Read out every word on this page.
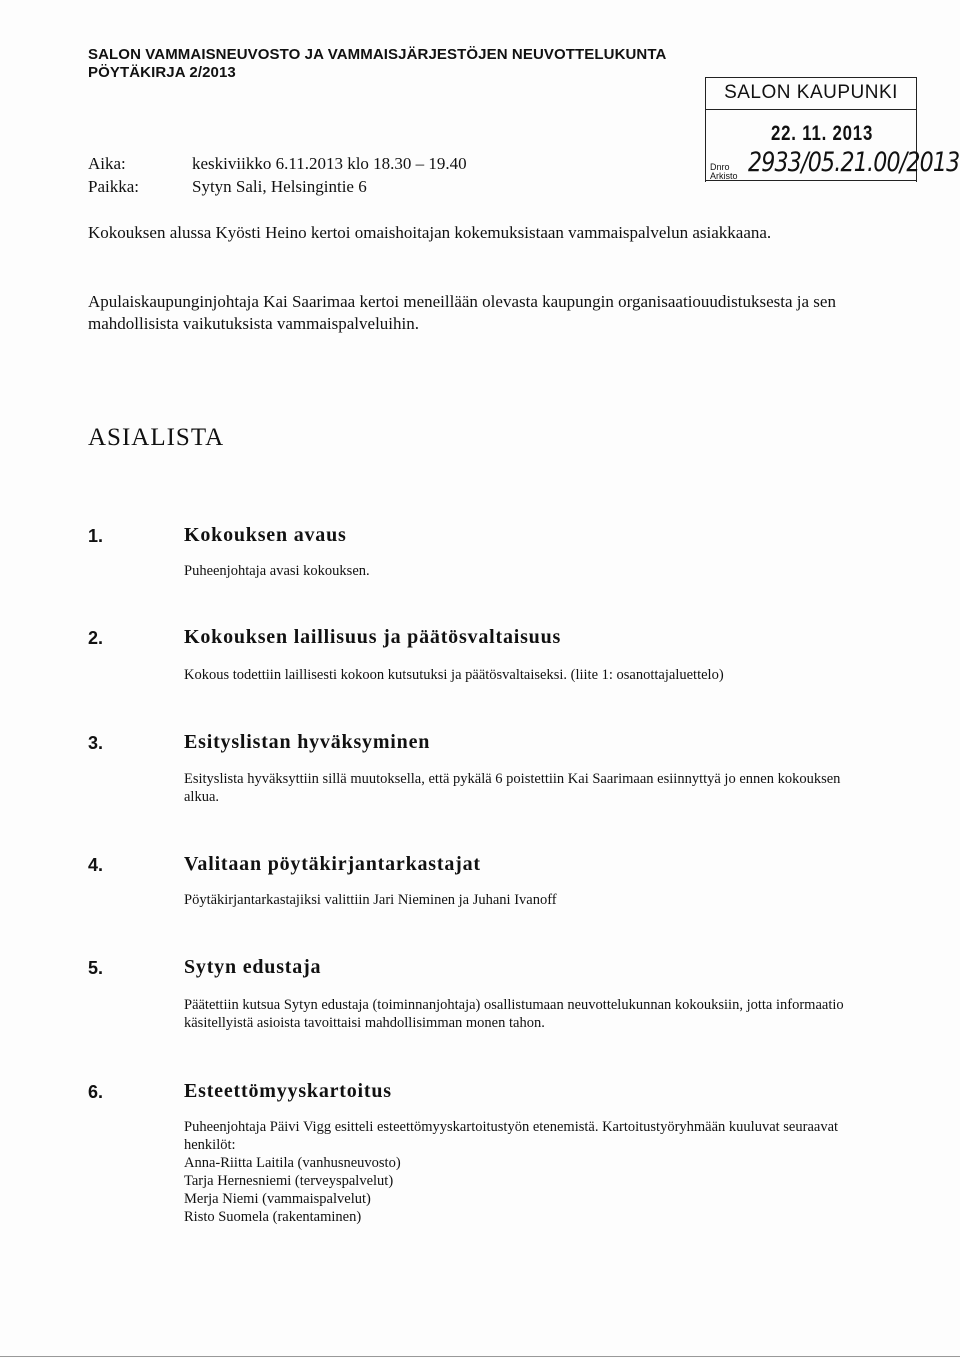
SALON VAMMAISNEUVOSTO JA VAMMAISJÄRJESTÖJEN NEUVOTTELUKUNTA
PÖYTÄKIRJA 2/2013
SALON KAUPUNKI
22. 11. 2013
Dnro
Arkisto 2933/05.21.00/2013
Aika:	keskiviikko 6.11.2013 klo 18.30 – 19.40
Paikka:	Sytyn Sali, Helsingintie 6
Kokouksen alussa Kyösti Heino kertoi omaishoitajan kokemuksistaan vammaispalvelun asiakkaana.
Apulaiskaupunginjohtaja Kai Saarimaa kertoi meneillään olevasta kaupungin organisaatiouudistuksesta ja sen mahdollisista vaikutuksista vammaispalveluihin.
ASIALISTA
1.	Kokouksen avaus
Puheenjohtaja avasi kokouksen.
2.	Kokouksen laillisuus ja päätösvaltaisuus
Kokous todettiin laillisesti kokoon kutsutuksi ja päätösvaltaiseksi. (liite 1: osanottajaluettelo)
3.	Esityslistan hyväksyminen
Esityslista hyväksyttiin sillä muutoksella, että pykälä 6 poistettiin Kai Saarimaan esiinnyttyä jo ennen kokouksen alkua.
4.	Valitaan pöytäkirjantarkastajat
Pöytäkirjantarkastajiksi valittiin Jari Nieminen ja Juhani Ivanoff
5.	Sytyn edustaja
Päätettiin kutsua Sytyn edustaja (toiminnanjohtaja) osallistumaan neuvottelukunnan kokouksiin, jotta informaatio käsitellyistä asioista tavoittaisi mahdollisimman monen tahon.
6.	Esteettömyyskartoitus
Puheenjohtaja Päivi Vigg esitteli esteettömyyskartoitustyön etenemistä. Kartoitustyöryhmään kuuluvat seuraavat henkilöt:
Anna-Riitta Laitila (vanhusneuvosto)
Tarja Hernesniemi (terveyspalvelut)
Merja Niemi (vammaispalvelut)
Risto Suomela (rakentaminen)
